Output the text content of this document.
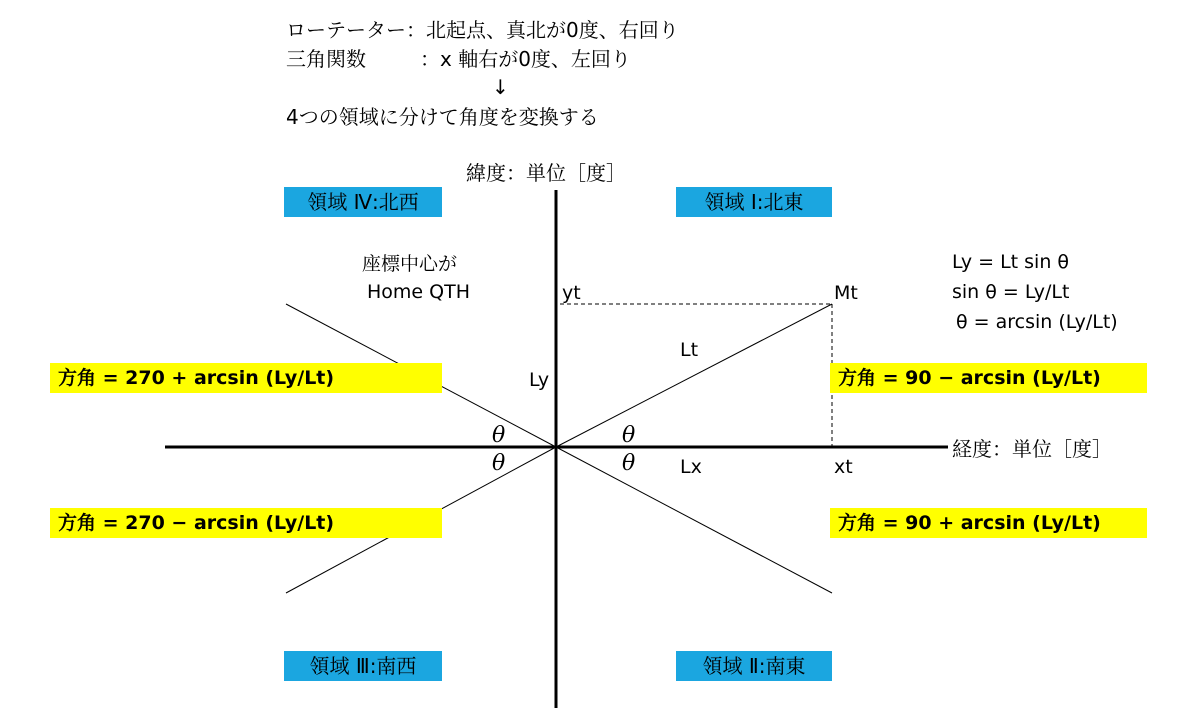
ローテーター：北起点、真北が0度、右回り
三角関数	：x 軸右が0度、左回り
↓
4つの領域に分けて角度を変換する
緯度：単位［度］
経度：単位［度］
領域 Ⅳ:北西	領域 Ⅰ:北東
領域 Ⅲ:南西	領域 Ⅱ:南東
座標中心が
Home QTH
Ly = Lt sin θ
sin θ = Ly/Lt
θ = arcsin (Ly/Lt)
yt	Mt
Lt
Ly
Lx	xt
θ
θ
θ
θ
方角 = 270 + arcsin (Ly/Lt)	方角 = 90 − arcsin (Ly/Lt)
方角 = 270 − arcsin (Ly/Lt)	方角 = 90 + arcsin (Ly/Lt)
